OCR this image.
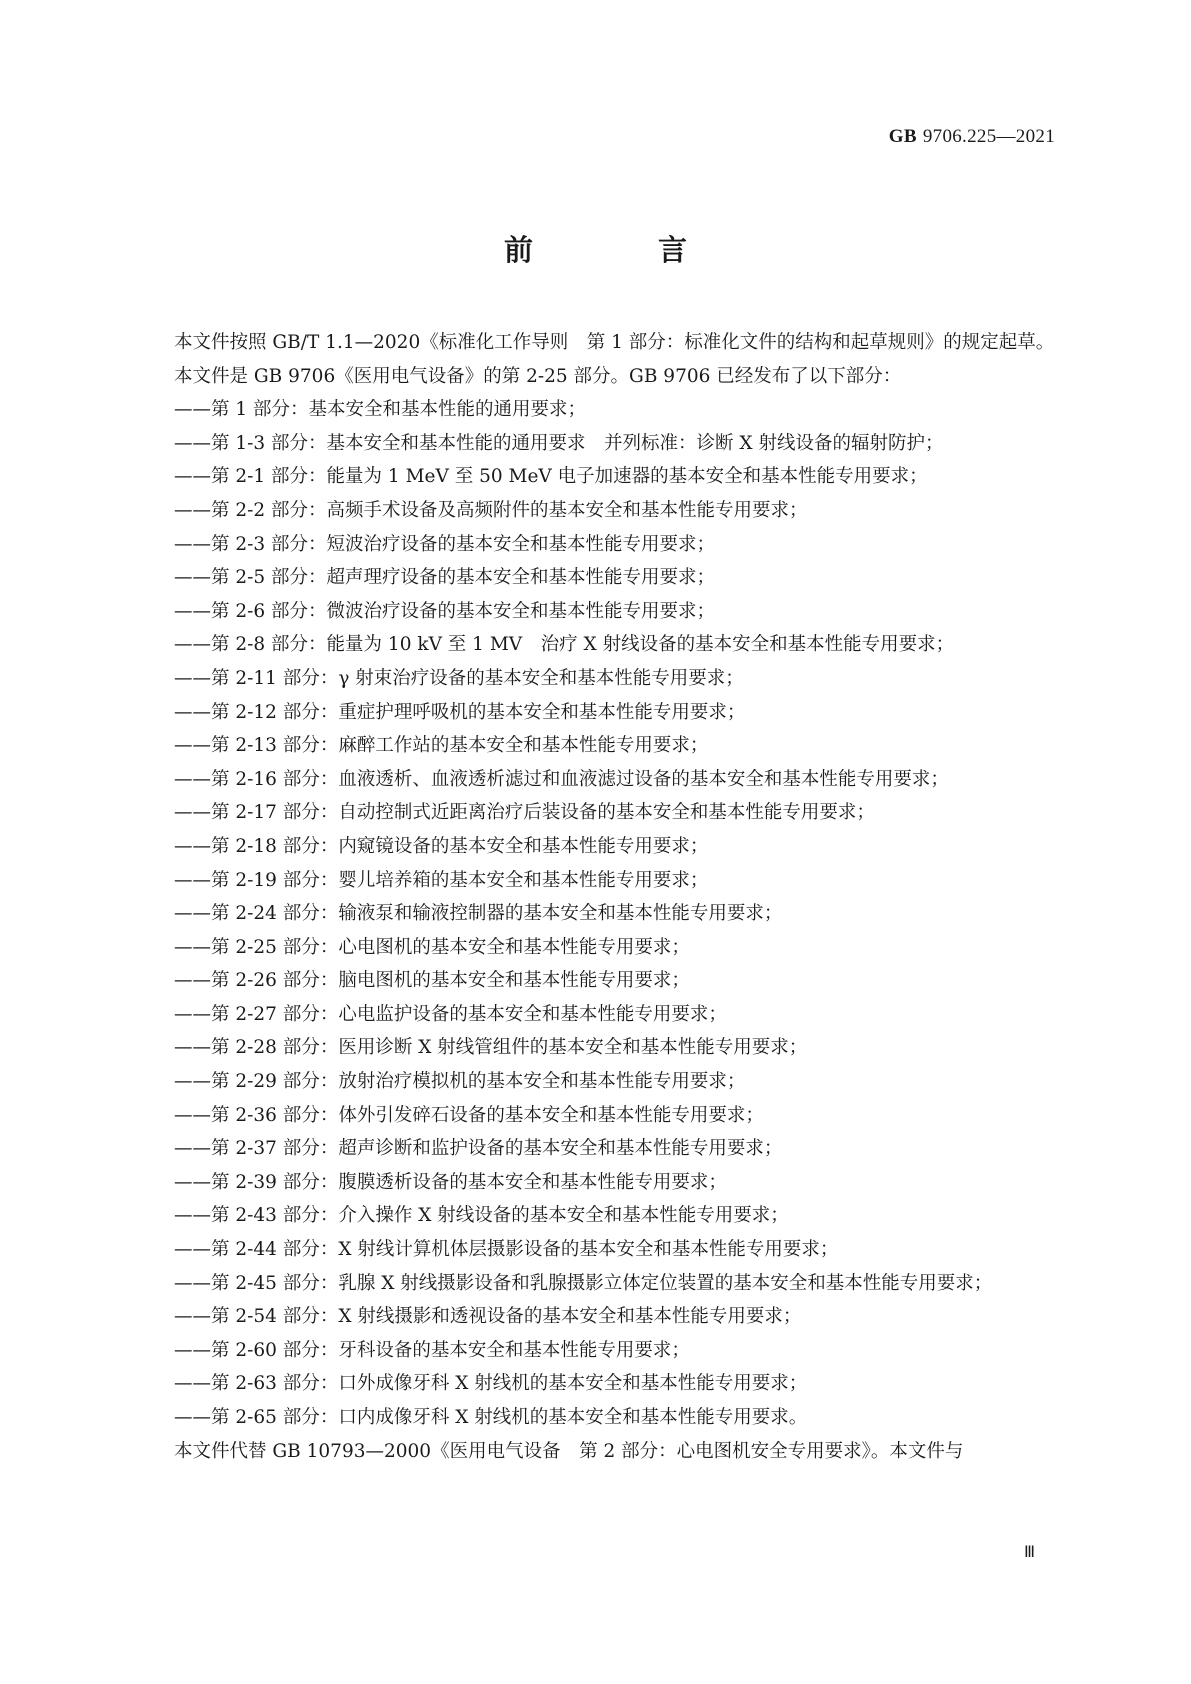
GB 9706.225—2021
前　言

本文件按照 GB/T 1.1—2020《标准化工作导则　第 1 部分：标准化文件的结构和起草规则》的规定起草。

本文件是 GB 9706《医用电气设备》的第 2-25 部分。GB 9706 已经发布了以下部分：

——第 1 部分：基本安全和基本性能的通用要求；
——第 1-3 部分：基本安全和基本性能的通用要求　并列标准：诊断 X 射线设备的辐射防护；
——第 2-1 部分：能量为 1 MeV 至 50 MeV 电子加速器的基本安全和基本性能专用要求；
——第 2-2 部分：高频手术设备及高频附件的基本安全和基本性能专用要求；
——第 2-3 部分：短波治疗设备的基本安全和基本性能专用要求；
——第 2-5 部分：超声理疗设备的基本安全和基本性能专用要求；
——第 2-6 部分：微波治疗设备的基本安全和基本性能专用要求；
——第 2-8 部分：能量为 10 kV 至 1 MV　治疗 X 射线设备的基本安全和基本性能专用要求；
——第 2-11 部分：γ 射束治疗设备的基本安全和基本性能专用要求；
——第 2-12 部分：重症护理呼吸机的基本安全和基本性能专用要求；
——第 2-13 部分：麻醉工作站的基本安全和基本性能专用要求；
——第 2-16 部分：血液透析、血液透析滤过和血液滤过设备的基本安全和基本性能专用要求；
——第 2-17 部分：自动控制式近距离治疗后装设备的基本安全和基本性能专用要求；
——第 2-18 部分：内窥镜设备的基本安全和基本性能专用要求；
——第 2-19 部分：婴儿培养箱的基本安全和基本性能专用要求；
——第 2-24 部分：输液泵和输液控制器的基本安全和基本性能专用要求；
——第 2-25 部分：心电图机的基本安全和基本性能专用要求；
——第 2-26 部分：脑电图机的基本安全和基本性能专用要求；
——第 2-27 部分：心电监护设备的基本安全和基本性能专用要求；
——第 2-28 部分：医用诊断 X 射线管组件的基本安全和基本性能专用要求；
——第 2-29 部分：放射治疗模拟机的基本安全和基本性能专用要求；
——第 2-36 部分：体外引发碎石设备的基本安全和基本性能专用要求；
——第 2-37 部分：超声诊断和监护设备的基本安全和基本性能专用要求；
——第 2-39 部分：腹膜透析设备的基本安全和基本性能专用要求；
——第 2-43 部分：介入操作 X 射线设备的基本安全和基本性能专用要求；
——第 2-44 部分：X 射线计算机体层摄影设备的基本安全和基本性能专用要求；
——第 2-45 部分：乳腺 X 射线摄影设备和乳腺摄影立体定位装置的基本安全和基本性能专用要求；
——第 2-54 部分：X 射线摄影和透视设备的基本安全和基本性能专用要求；
——第 2-60 部分：牙科设备的基本安全和基本性能专用要求；
——第 2-63 部分：口外成像牙科 X 射线机的基本安全和基本性能专用要求；
——第 2-65 部分：口内成像牙科 X 射线机的基本安全和基本性能专用要求。

本文件代替 GB 10793—2000《医用电气设备　第 2 部分：心电图机安全专用要求》。本文件与

Ⅲ
